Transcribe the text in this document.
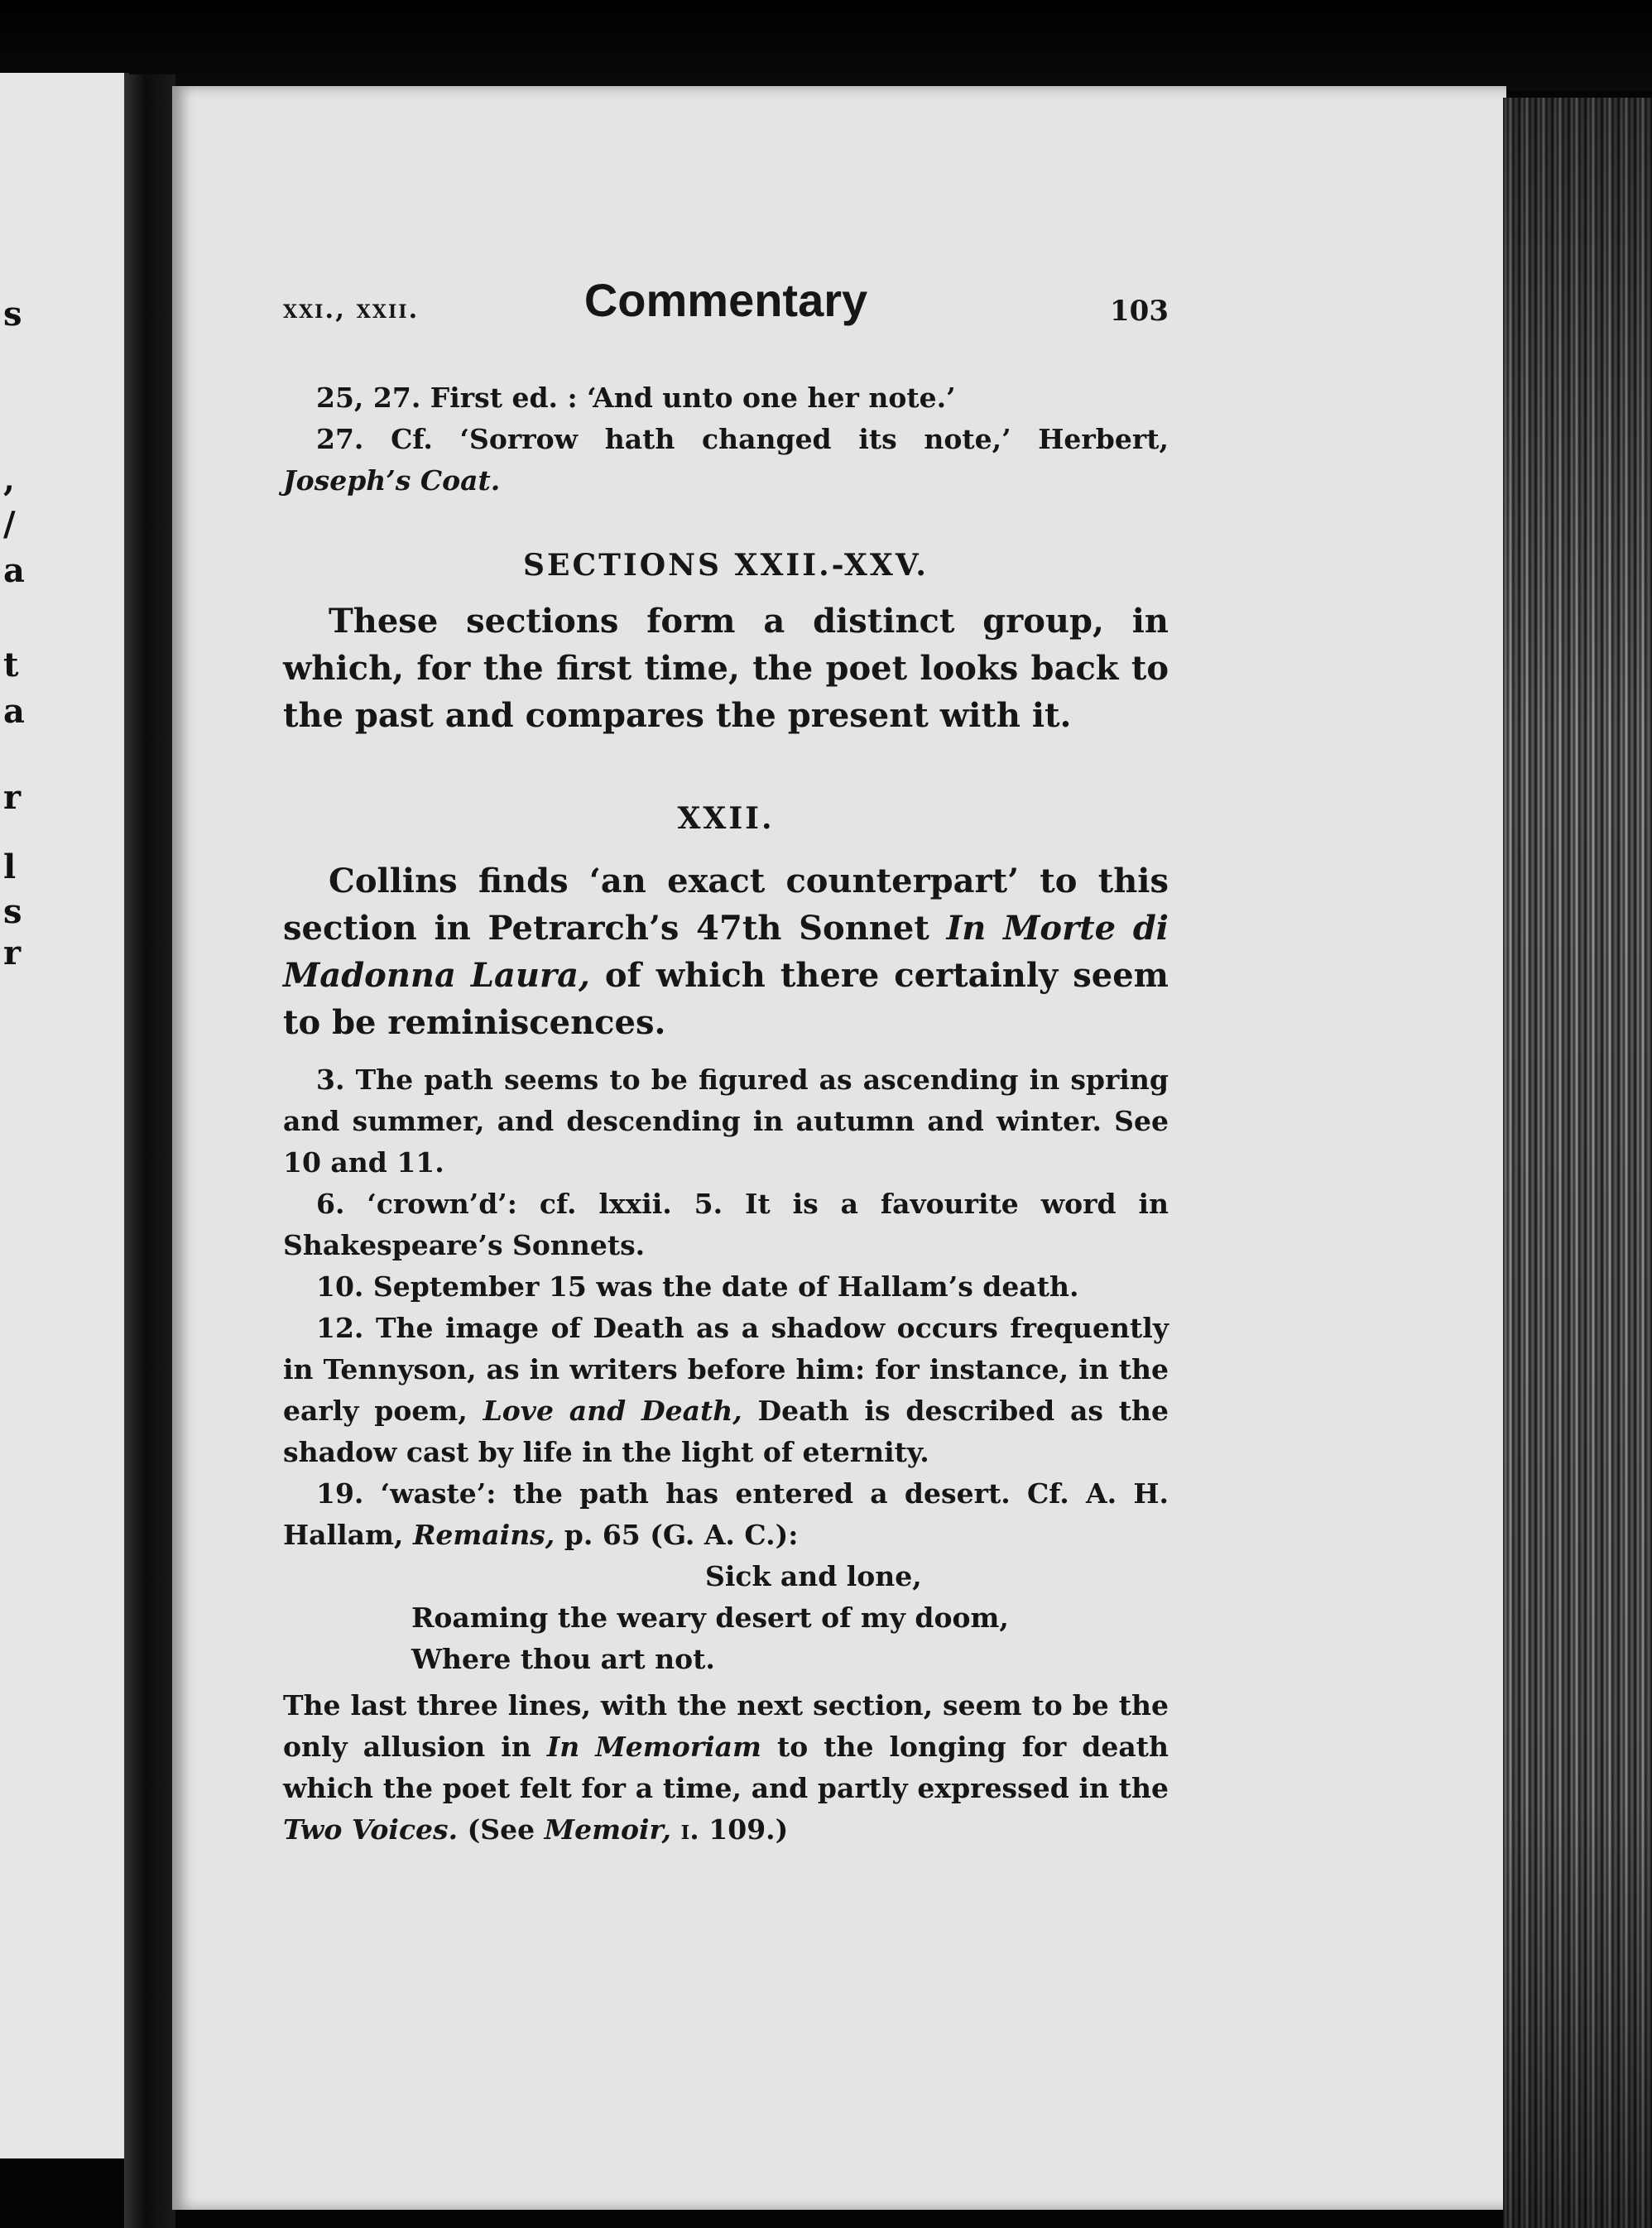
s
,
/
a
t
a
r
l
s
r
xxi., xxii.	Commentary	103

25, 27. First ed. : ‘And unto one her note.’

27. Cf. ‘Sorrow hath changed its note,’ Herbert, Joseph’s Coat.

SECTIONS XXII.-XXV.

These sections form a distinct group, in which, for the first time, the poet looks back to the past and compares the present with it.

XXII.

Collins finds ‘an exact counterpart’ to this section in Petrarch’s 47th Sonnet In Morte di Madonna Laura, of which there certainly seem to be reminiscences.

3. The path seems to be figured as ascending in spring and summer, and descending in autumn and winter. See 10 and 11.

6. ‘crown’d’: cf. lxxii. 5. It is a favourite word in Shakespeare’s Sonnets.

10. September 15 was the date of Hallam’s death.

12. The image of Death as a shadow occurs frequently in Tennyson, as in writers before him: for instance, in the early poem, Love and Death, Death is described as the shadow cast by life in the light of eternity.

19. ‘waste’: the path has entered a desert. Cf. A. H. Hallam, Remains, p. 65 (G. A. C.):

Sick and lone,

Roaming the weary desert of my doom,

Where thou art not.

The last three lines, with the next section, seem to be the only allusion in In Memoriam to the longing for death which the poet felt for a time, and partly expressed in the Two Voices. (See Memoir, i. 109.)
